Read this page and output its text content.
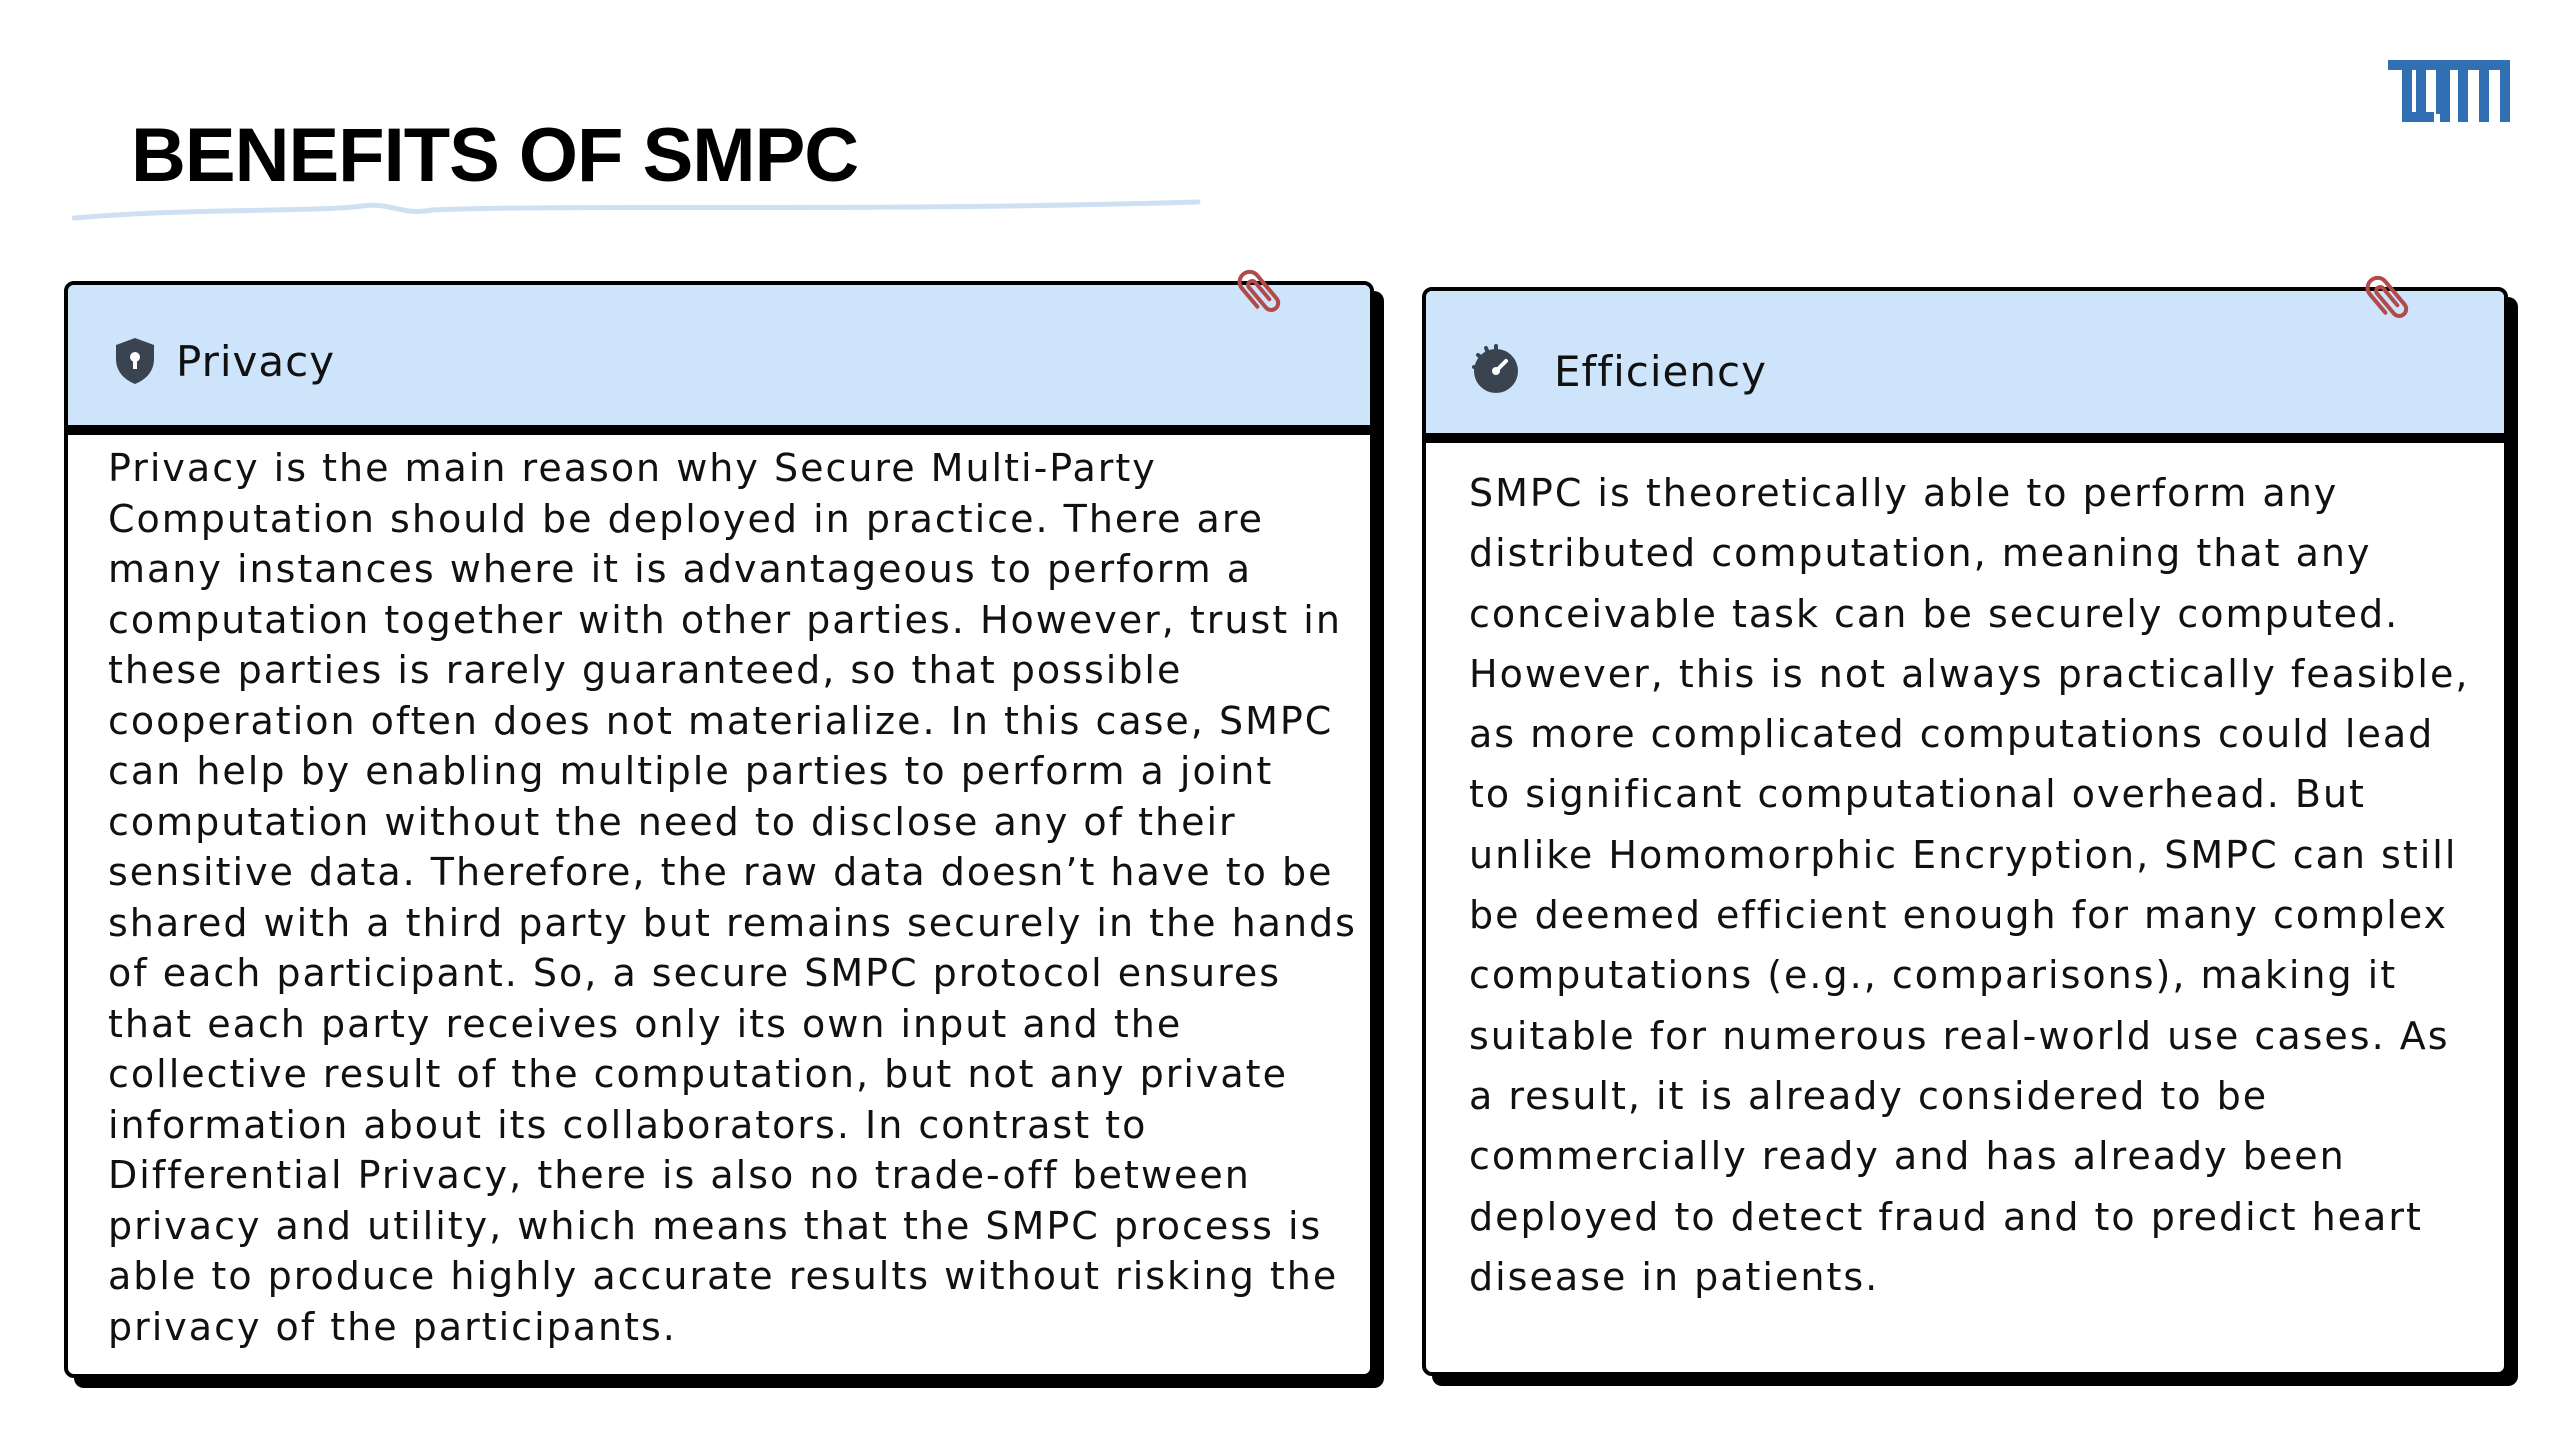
BENEFITS OF SMPC
Privacy

Privacy is the main reason why Secure Multi-Party Computation should be deployed in practice. There are many instances where it is advantageous to perform a computation together with other parties. However, trust in these parties is rarely guaranteed, so that possible cooperation often does not materialize. In this case, SMPC can help by enabling multiple parties to perform a joint computation without the need to disclose any of their sensitive data. Therefore, the raw data doesn’t have to be shared with a third party but remains securely in the hands of each participant. So, a secure SMPC protocol ensures that each party receives only its own input and the collective result of the computation, but not any private information about its collaborators. In contrast to Differential Privacy, there is also no trade-off between privacy and utility, which means that the SMPC process is able to produce highly accurate results without risking the privacy of the participants.

Efficiency

SMPC is theoretically able to perform any distributed computation, meaning that any conceivable task can be securely computed. However, this is not always practically feasible, as more complicated computations could lead to significant computational overhead. But unlike Homomorphic Encryption, SMPC can still be deemed efficient enough for many complex computations (e.g., comparisons), making it suitable for numerous real-world use cases. As a result, it is already considered to be commercially ready and has already been deployed to detect fraud and to predict heart disease in patients.
